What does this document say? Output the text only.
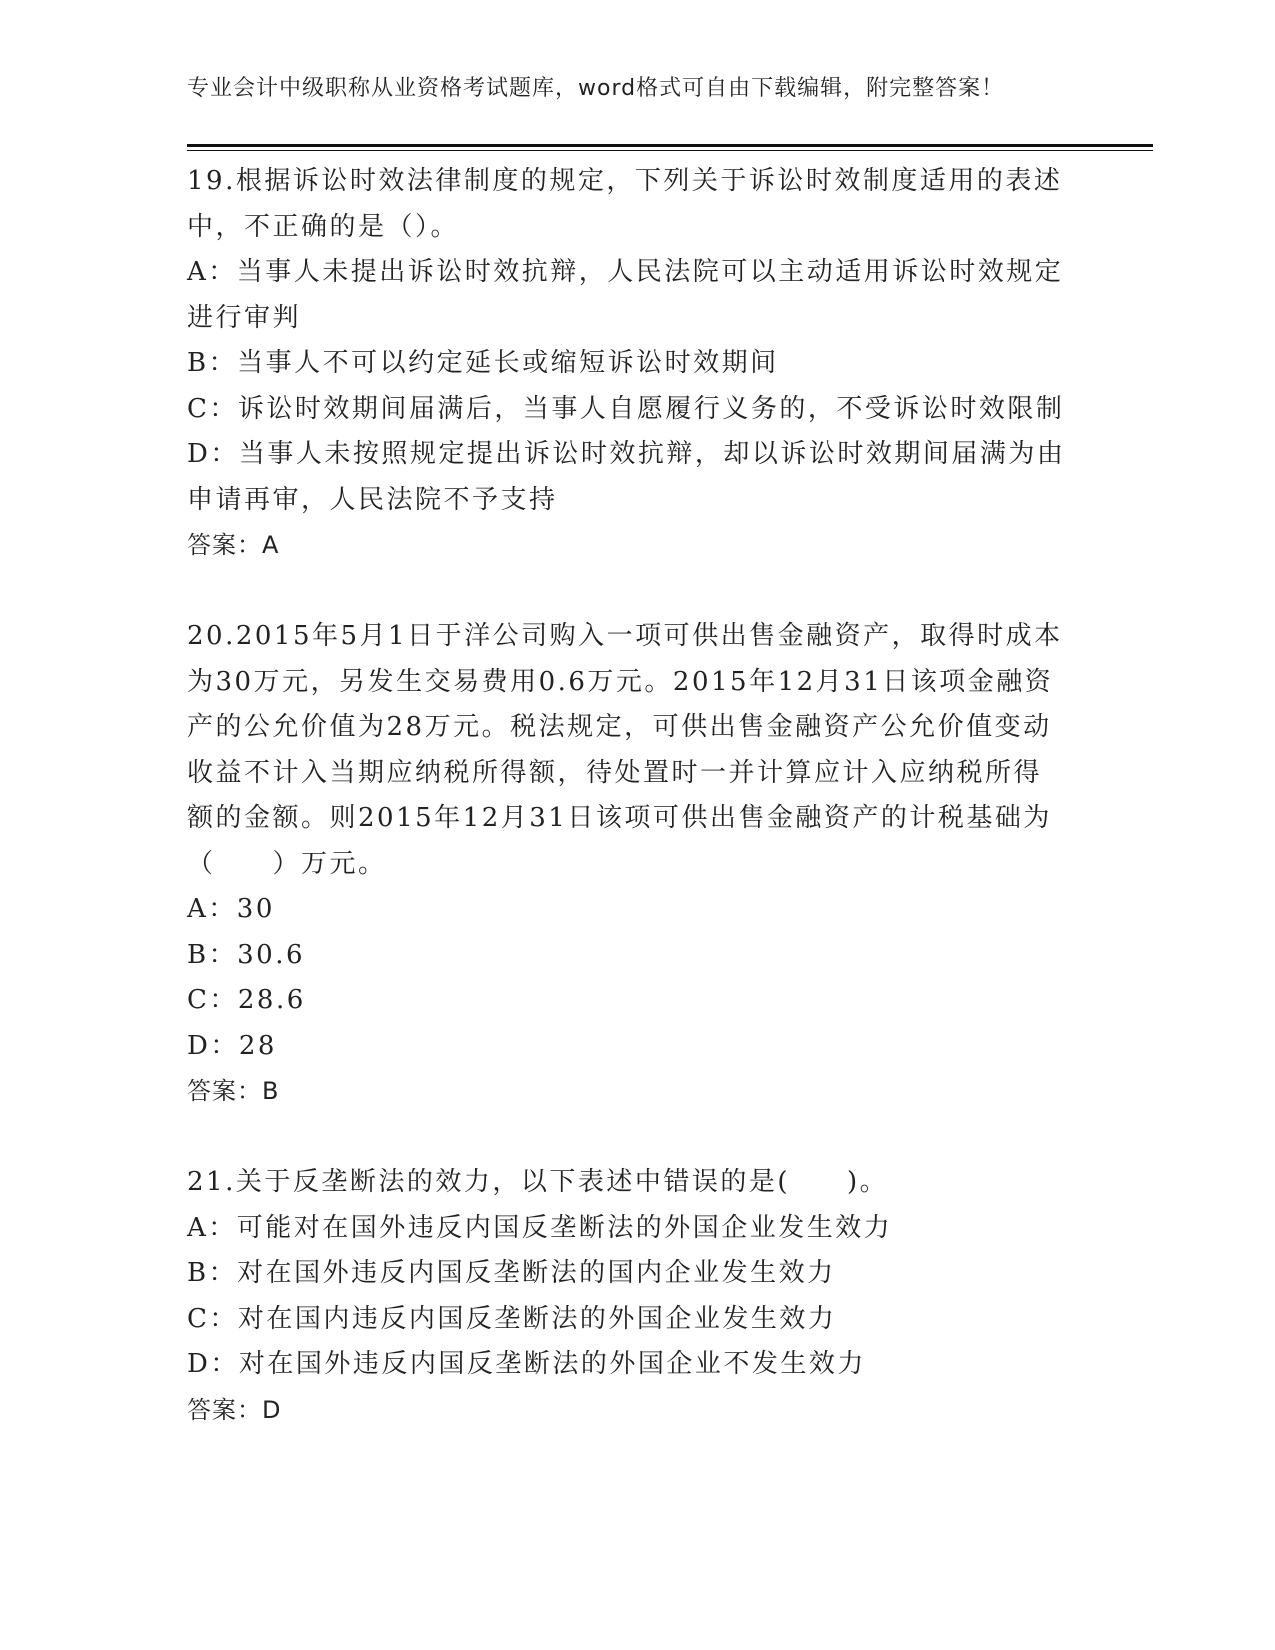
专业会计中级职称从业资格考试题库，word格式可自由下载编辑，附完整答案！

19.根据诉讼时效法律制度的规定，下列关于诉讼时效制度适用的表述

中，不正确的是（）。

A：当事人未提出诉讼时效抗辩，人民法院可以主动适用诉讼时效规定

进行审判

B：当事人不可以约定延长或缩短诉讼时效期间

C：诉讼时效期间届满后，当事人自愿履行义务的，不受诉讼时效限制

D：当事人未按照规定提出诉讼时效抗辩，却以诉讼时效期间届满为由

申请再审，人民法院不予支持

答案：A

20.2015年5月1日于洋公司购入一项可供出售金融资产，取得时成本

为30万元，另发生交易费用0.6万元。2015年12月31日该项金融资

产的公允价值为28万元。税法规定，可供出售金融资产公允价值变动

收益不计入当期应纳税所得额，待处置时一并计算应计入应纳税所得

额的金额。则2015年12月31日该项可供出售金融资产的计税基础为

（　　）万元。

A：30

B：30.6

C：28.6

D：28

答案：B

21.关于反垄断法的效力，以下表述中错误的是(　　)。

A：可能对在国外违反内国反垄断法的外国企业发生效力

B：对在国外违反内国反垄断法的国内企业发生效力

C：对在国内违反内国反垄断法的外国企业发生效力

D：对在国外违反内国反垄断法的外国企业不发生效力

答案：D
